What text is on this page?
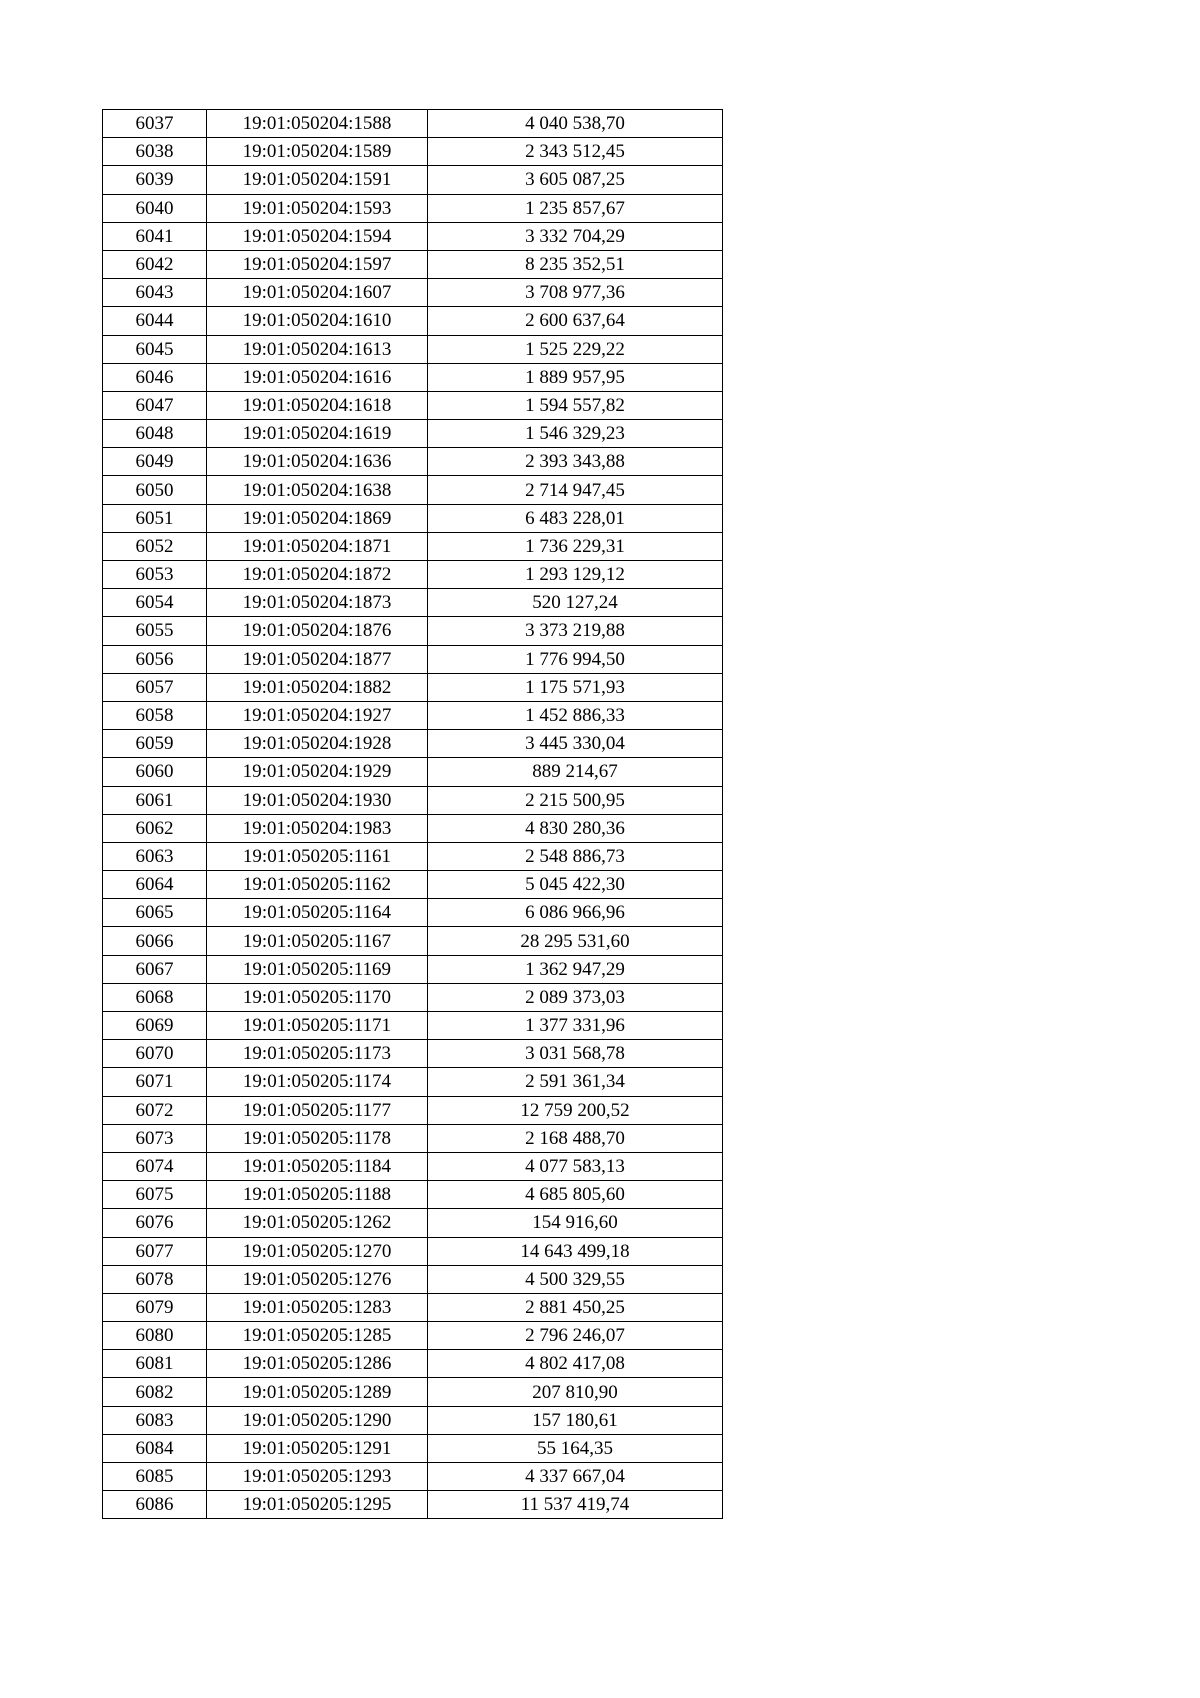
6037	19:01:050204:1588	4 040 538,70
6038	19:01:050204:1589	2 343 512,45
6039	19:01:050204:1591	3 605 087,25
6040	19:01:050204:1593	1 235 857,67
6041	19:01:050204:1594	3 332 704,29
6042	19:01:050204:1597	8 235 352,51
6043	19:01:050204:1607	3 708 977,36
6044	19:01:050204:1610	2 600 637,64
6045	19:01:050204:1613	1 525 229,22
6046	19:01:050204:1616	1 889 957,95
6047	19:01:050204:1618	1 594 557,82
6048	19:01:050204:1619	1 546 329,23
6049	19:01:050204:1636	2 393 343,88
6050	19:01:050204:1638	2 714 947,45
6051	19:01:050204:1869	6 483 228,01
6052	19:01:050204:1871	1 736 229,31
6053	19:01:050204:1872	1 293 129,12
6054	19:01:050204:1873	520 127,24
6055	19:01:050204:1876	3 373 219,88
6056	19:01:050204:1877	1 776 994,50
6057	19:01:050204:1882	1 175 571,93
6058	19:01:050204:1927	1 452 886,33
6059	19:01:050204:1928	3 445 330,04
6060	19:01:050204:1929	889 214,67
6061	19:01:050204:1930	2 215 500,95
6062	19:01:050204:1983	4 830 280,36
6063	19:01:050205:1161	2 548 886,73
6064	19:01:050205:1162	5 045 422,30
6065	19:01:050205:1164	6 086 966,96
6066	19:01:050205:1167	28 295 531,60
6067	19:01:050205:1169	1 362 947,29
6068	19:01:050205:1170	2 089 373,03
6069	19:01:050205:1171	1 377 331,96
6070	19:01:050205:1173	3 031 568,78
6071	19:01:050205:1174	2 591 361,34
6072	19:01:050205:1177	12 759 200,52
6073	19:01:050205:1178	2 168 488,70
6074	19:01:050205:1184	4 077 583,13
6075	19:01:050205:1188	4 685 805,60
6076	19:01:050205:1262	154 916,60
6077	19:01:050205:1270	14 643 499,18
6078	19:01:050205:1276	4 500 329,55
6079	19:01:050205:1283	2 881 450,25
6080	19:01:050205:1285	2 796 246,07
6081	19:01:050205:1286	4 802 417,08
6082	19:01:050205:1289	207 810,90
6083	19:01:050205:1290	157 180,61
6084	19:01:050205:1291	55 164,35
6085	19:01:050205:1293	4 337 667,04
6086	19:01:050205:1295	11 537 419,74
